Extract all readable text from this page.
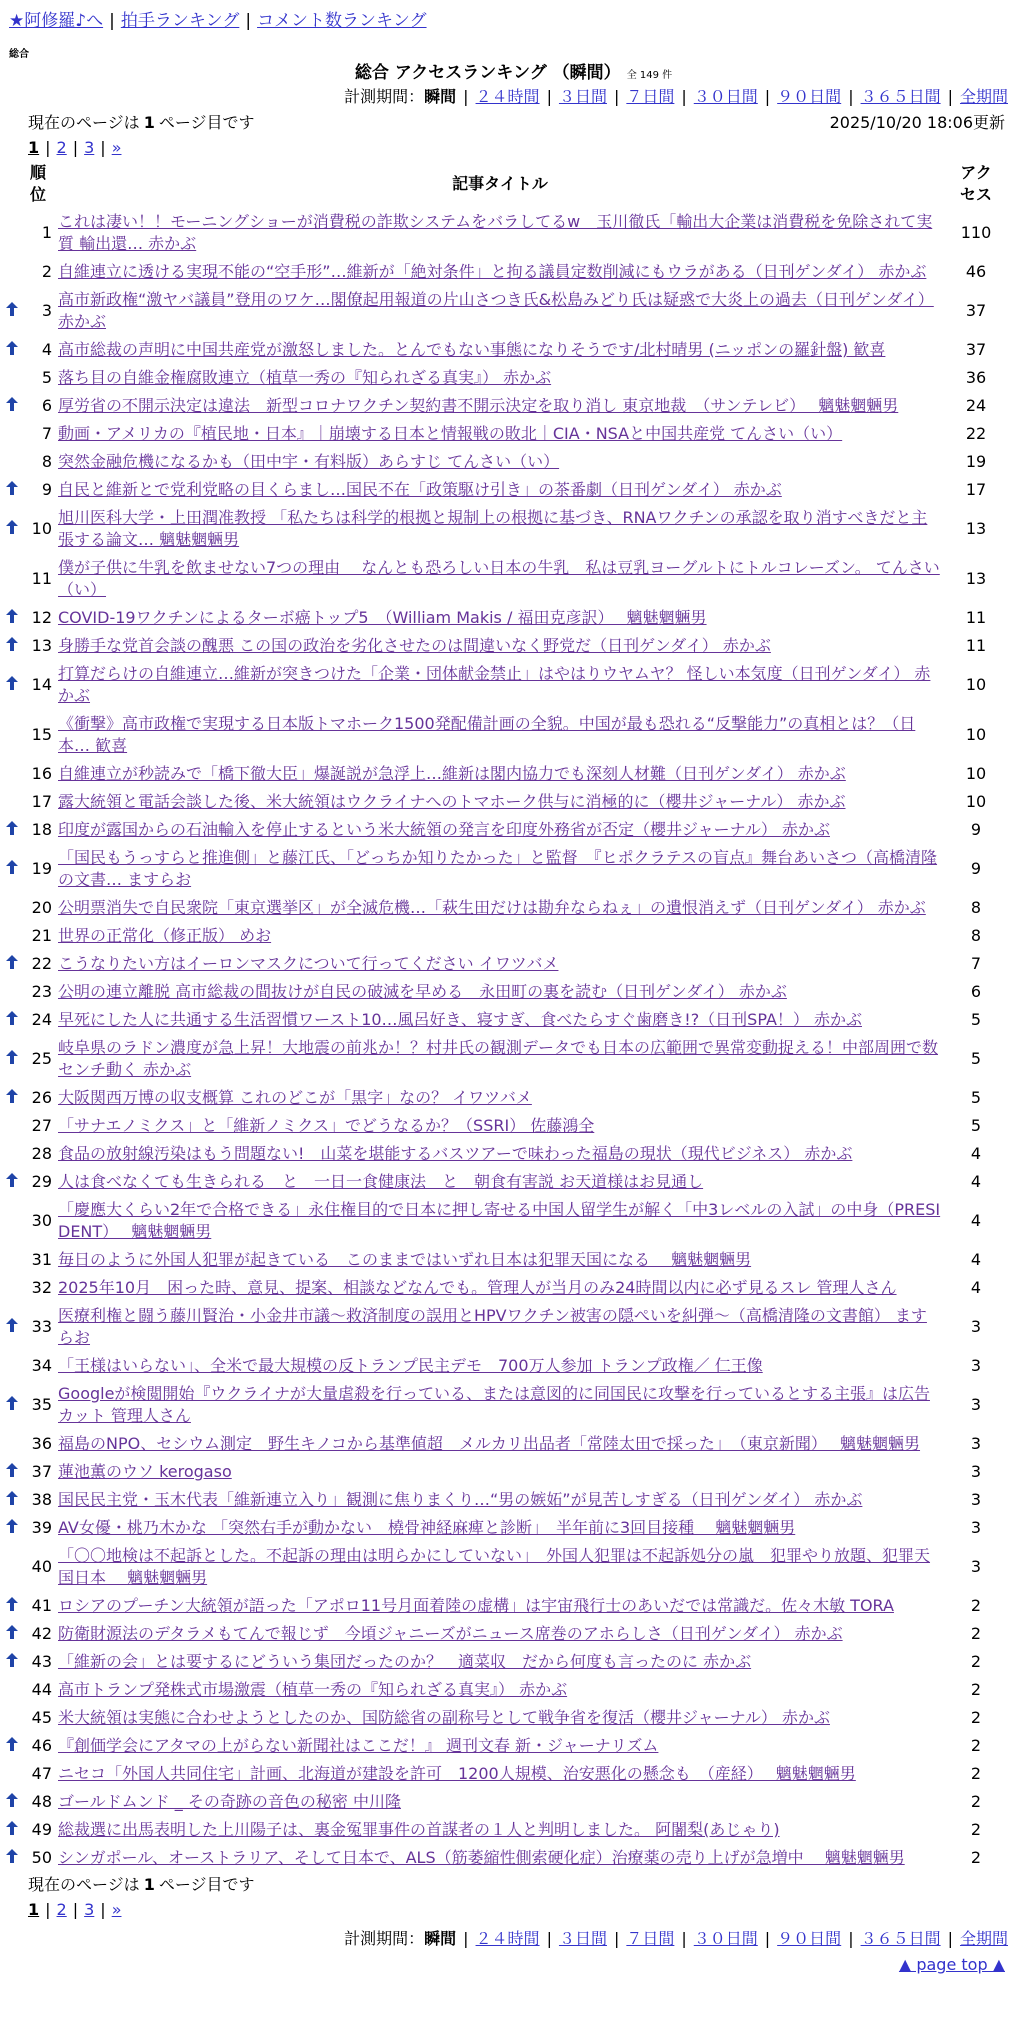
★阿修羅♪へ | 拍手ランキング | コメント数ランキング
総合
総合 アクセスランキング （瞬間） 全 149 件
計測期間：瞬間 | ２４時間 | ３日間 | ７日間 | ３０日間 | ９０日間 | ３６５日間 | 全期間
現在のページは 1 ページ目です	2025/10/20 18:06更新
1 | 2 | 3 | »
	順位	記事タイトル	アクセス
	1	これは凄い！！モーニングショーが消費税の詐欺システムをバラしてるw　玉川徹氏「輸出大企業は消費税を免除されて実質 輸出還… 赤かぶ	110
	2	自維連立に透ける実現不能の“空手形”…維新が「絶対条件」と拘る議員定数削減にもウラがある（日刊ゲンダイ） 赤かぶ	46
	3	高市新政権“激ヤバ議員”登用のワケ…閣僚起用報道の片山さつき氏&松島みどり氏は疑惑で大炎上の過去（日刊ゲンダイ） 赤かぶ	37
	4	高市総裁の声明に中国共産党が激怒しました。とんでもない事態になりそうです/北村晴男 (ニッポンの羅針盤) 歓喜	37
	5	落ち目の自維金権腐敗連立（植草一秀の『知られざる真実』） 赤かぶ	36
	6	厚労省の不開示決定は違法　新型コロナワクチン契約書不開示決定を取り消し 東京地裁　（サンテレビ）　 魑魅魍魎男	24
	7	動画・アメリカの『植民地・日本』｜崩壊する日本と情報戦の敗北｜CIA・NSAと中国共産党 てんさい（い）	22
	8	突然金融危機になるかも（田中宇・有料版）あらすじ てんさい（い）	19
	9	自民と維新とで党利党略の目くらまし…国民不在「政策駆け引き」の茶番劇（日刊ゲンダイ） 赤かぶ	17
	10	旭川医科大学・上田潤准教授 「私たちは科学的根拠と規制上の根拠に基づき、RNAワクチンの承認を取り消すべきだと主張する論文… 魑魅魍魎男	13
	11	僕が子供に牛乳を飲ませない7つの理由　 なんとも恐ろしい日本の牛乳　私は豆乳ヨーグルトにトルコレーズン。 てんさい（い）	13
	12	COVID-19ワクチンによるターボ癌トップ5　（William Makis / 福田克彦訳）　 魑魅魍魎男	11
	13	身勝手な党首会談の醜悪 この国の政治を劣化させたのは間違いなく野党だ（日刊ゲンダイ） 赤かぶ	11
	14	打算だらけの自維連立…維新が突きつけた「企業・団体献金禁止」はやはりウヤムヤ？ 怪しい本気度（日刊ゲンダイ） 赤かぶ	10
	15	《衝撃》高市政権で実現する日本版トマホーク1500発配備計画の全貌。中国が最も恐れる“反撃能力”の真相とは？（日本… 歓喜	10
	16	自維連立が秒読みで「橋下徹大臣」爆誕説が急浮上…維新は閣内協力でも深刻人材難（日刊ゲンダイ） 赤かぶ	10
	17	露大統領と電話会談した後、米大統領はウクライナへのトマホーク供与に消極的に（櫻井ジャーナル） 赤かぶ	10
	18	印度が露国からの石油輸入を停止するという米大統領の発言を印度外務省が否定（櫻井ジャーナル） 赤かぶ	9
	19	「国民もうっすらと推進側」と藤江氏、「どっちか知りたかった」と監督　『ヒポクラテスの盲点』舞台あいさつ（高橋清隆の文書… ますらお	9
	20	公明票消失で自民衆院「東京選挙区」が全滅危機…「萩生田だけは勘弁ならねぇ」の遺恨消えず（日刊ゲンダイ） 赤かぶ	8
	21	世界の正常化（修正版） めお	8
	22	こうなりたい方はイーロンマスクについて行ってください イワツバメ	7
	23	公明の連立離脱 高市総裁の間抜けが自民の破滅を早める　永田町の裏を読む（日刊ゲンダイ） 赤かぶ	6
	24	早死にした人に共通する生活習慣ワースト10…風呂好き、寝すぎ、食べたらすぐ歯磨き!?（日刊SPA！） 赤かぶ	5
	25	岐阜県のラドン濃度が急上昇！大地震の前兆か！？村井氏の観測データでも日本の広範囲で異常変動捉える！中部周囲で数センチ動く 赤かぶ	5
	26	大阪関西万博の収支概算 これのどこが「黒字」なの？ イワツバメ	5
	27	「サナエノミクス」と「維新ノミクス」でどうなるか？（SSRI） 佐藤鴻全	5
	28	食品の放射線汚染はもう問題ない!　山菜を堪能するバスツアーで味わった福島の現状（現代ビジネス） 赤かぶ	4
	29	人は食べなくても生きられる　と　一日一食健康法　と　朝食有害説 お天道様はお見通し	4
	30	「慶應大くらい2年で合格できる」永住権目的で日本に押し寄せる中国人留学生が解く「中3レベルの入試」の中身（PRESIDENT）　 魑魅魍魎男	4
	31	毎日のように外国人犯罪が起きている　このままではいずれ日本は犯罪天国になる　 魑魅魍魎男	4
	32	2025年10月　困った時、意見、提案、相談などなんでも。管理人が当月のみ24時間以内に必ず見るスレ 管理人さん	4
	33	医療利権と闘う藤川賢治・小金井市議～救済制度の誤用とHPVワクチン被害の隠ぺいを糾弾～（高橋清隆の文書館） ますらお	3
	34	「王様はいらない」、全米で最大規模の反トランプ民主デモ　700万人参加 トランプ政権／ 仁王像	3
	35	Googleが検閲開始『ウクライナが大量虐殺を行っている、または意図的に同国民に攻撃を行っているとする主張』は広告カット 管理人さん	3
	36	福島のNPO、セシウム測定　野生キノコから基準値超　メルカリ出品者「常陸太田で採った」　（東京新聞）　 魑魅魍魎男	3
	37	蓮池薫のウソ kerogaso	3
	38	国民民主党・玉木代表「維新連立入り」観測に焦りまくり…“男の嫉妬”が見苦しすぎる（日刊ゲンダイ） 赤かぶ	3
	39	AV女優・桃乃木かな 「突然右手が動かない　橈骨神経麻痺と診断」　半年前に3回目接種　 魑魅魍魎男	3
	40	「〇〇地検は不起訴とした。不起訴の理由は明らかにしていない」　外国人犯罪は不起訴処分の嵐　犯罪やり放題、犯罪天国日本　 魑魅魍魎男	3
	41	ロシアのプーチン大統領が語った「アポロ11号月面着陸の虚構」は宇宙飛行士のあいだでは常識だ。佐々木敏 TORA	2
	42	防衛財源法のデタラメもてんで報じず　今頃ジャニーズがニュース席巻のアホらしさ（日刊ゲンダイ） 赤かぶ	2
	43	「維新の会」とは要するにどういう集団だったのか？　適菜収　だから何度も言ったのに 赤かぶ	2
	44	高市トランプ発株式市場激震（植草一秀の『知られざる真実』） 赤かぶ	2
	45	米大統領は実態に合わせようとしたのか、国防総省の副称号として戦争省を復活（櫻井ジャーナル） 赤かぶ	2
	46	『創価学会にアタマの上がらない新聞社はここだ！』 週刊文春 新・ジャーナリズム	2
	47	ニセコ「外国人共同住宅」計画、北海道が建設を許可　1200人規模、治安悪化の懸念も　（産経）　 魑魅魍魎男	2
	48	ゴールドムンド _ その奇跡の音色の秘密 中川隆	2
	49	総裁選に出馬表明した上川陽子は、裏金冤罪事件の首謀者の１人と判明しました。 阿闍梨(あじゃり)	2
	50	シンガポール、オーストラリア、そして日本で、ALS（筋萎縮性側索硬化症）治療薬の売り上げが急増中　 魑魅魍魎男	2
現在のページは 1 ページ目です
1 | 2 | 3 | »
計測期間：瞬間 | ２４時間 | ３日間 | ７日間 | ３０日間 | ９０日間 | ３６５日間 | 全期間
▲ page top ▲
